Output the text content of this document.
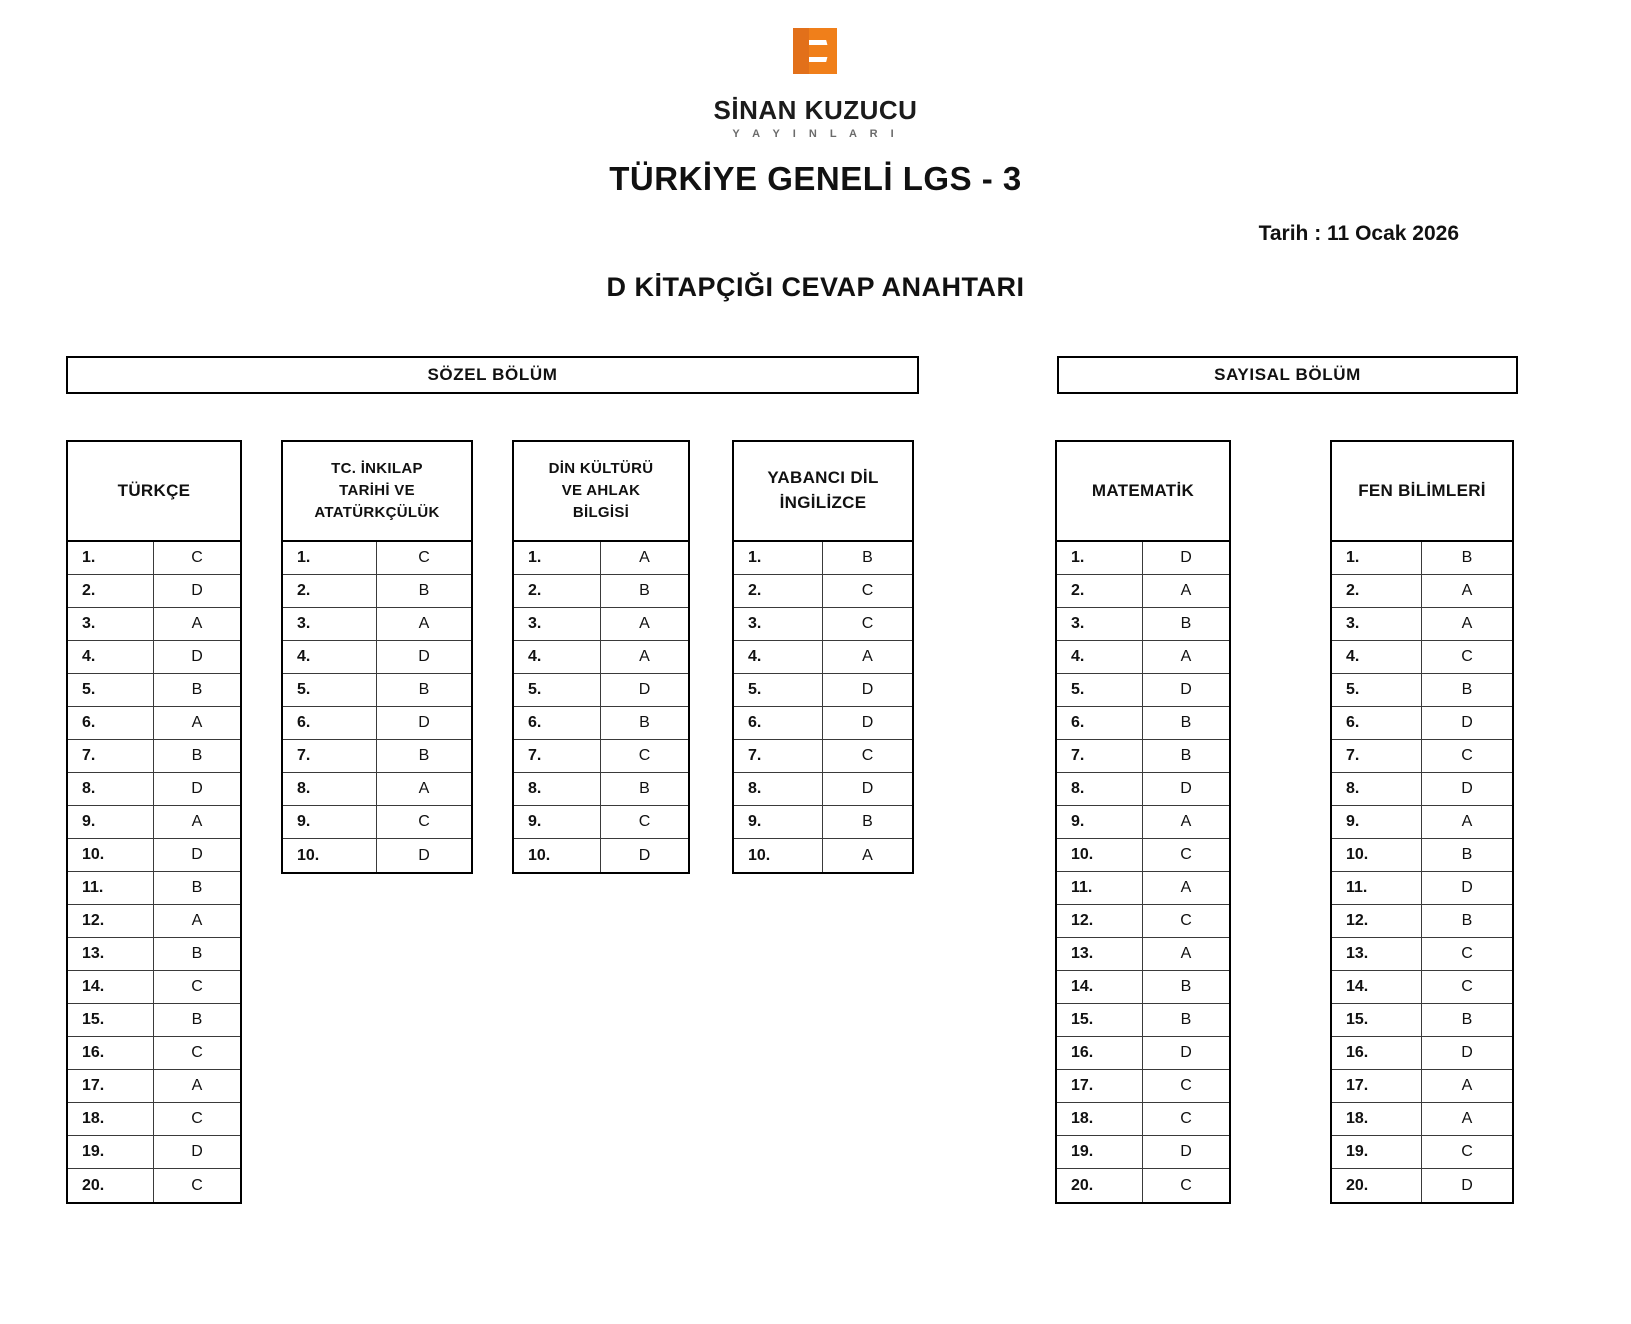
SİNAN KUZUCU
Y A Y I N L A R I
TÜRKİYE GENELİ LGS - 3
Tarih : 11 Ocak 2026
D KİTAPÇIĞI CEVAP ANAHTARI
SÖZEL BÖLÜM	SAYISAL BÖLÜM
TÜRKÇE
1.	C
2.	D
3.	A
4.	D
5.	B
6.	A
7.	B
8.	D
9.	A
10.	D
11.	B
12.	A
13.	B
14.	C
15.	B
16.	C
17.	A
18.	C
19.	D
20.	C
TC. İNKILAP
TARİHİ VE
ATATÜRKÇÜLÜK
1.	C
2.	B
3.	A
4.	D
5.	B
6.	D
7.	B
8.	A
9.	C
10.	D
DİN KÜLTÜRÜ
VE AHLAK
BİLGİSİ
1.	A
2.	B
3.	A
4.	A
5.	D
6.	B
7.	C
8.	B
9.	C
10.	D
YABANCI DİL
İNGİLİZCE
1.	B
2.	C
3.	C
4.	A
5.	D
6.	D
7.	C
8.	D
9.	B
10.	A
MATEMATİK
1.	D
2.	A
3.	B
4.	A
5.	D
6.	B
7.	B
8.	D
9.	A
10.	C
11.	A
12.	C
13.	A
14.	B
15.	B
16.	D
17.	C
18.	C
19.	D
20.	C
FEN BİLİMLERİ
1.	B
2.	A
3.	A
4.	C
5.	B
6.	D
7.	C
8.	D
9.	A
10.	B
11.	D
12.	B
13.	C
14.	C
15.	B
16.	D
17.	A
18.	A
19.	C
20.	D
